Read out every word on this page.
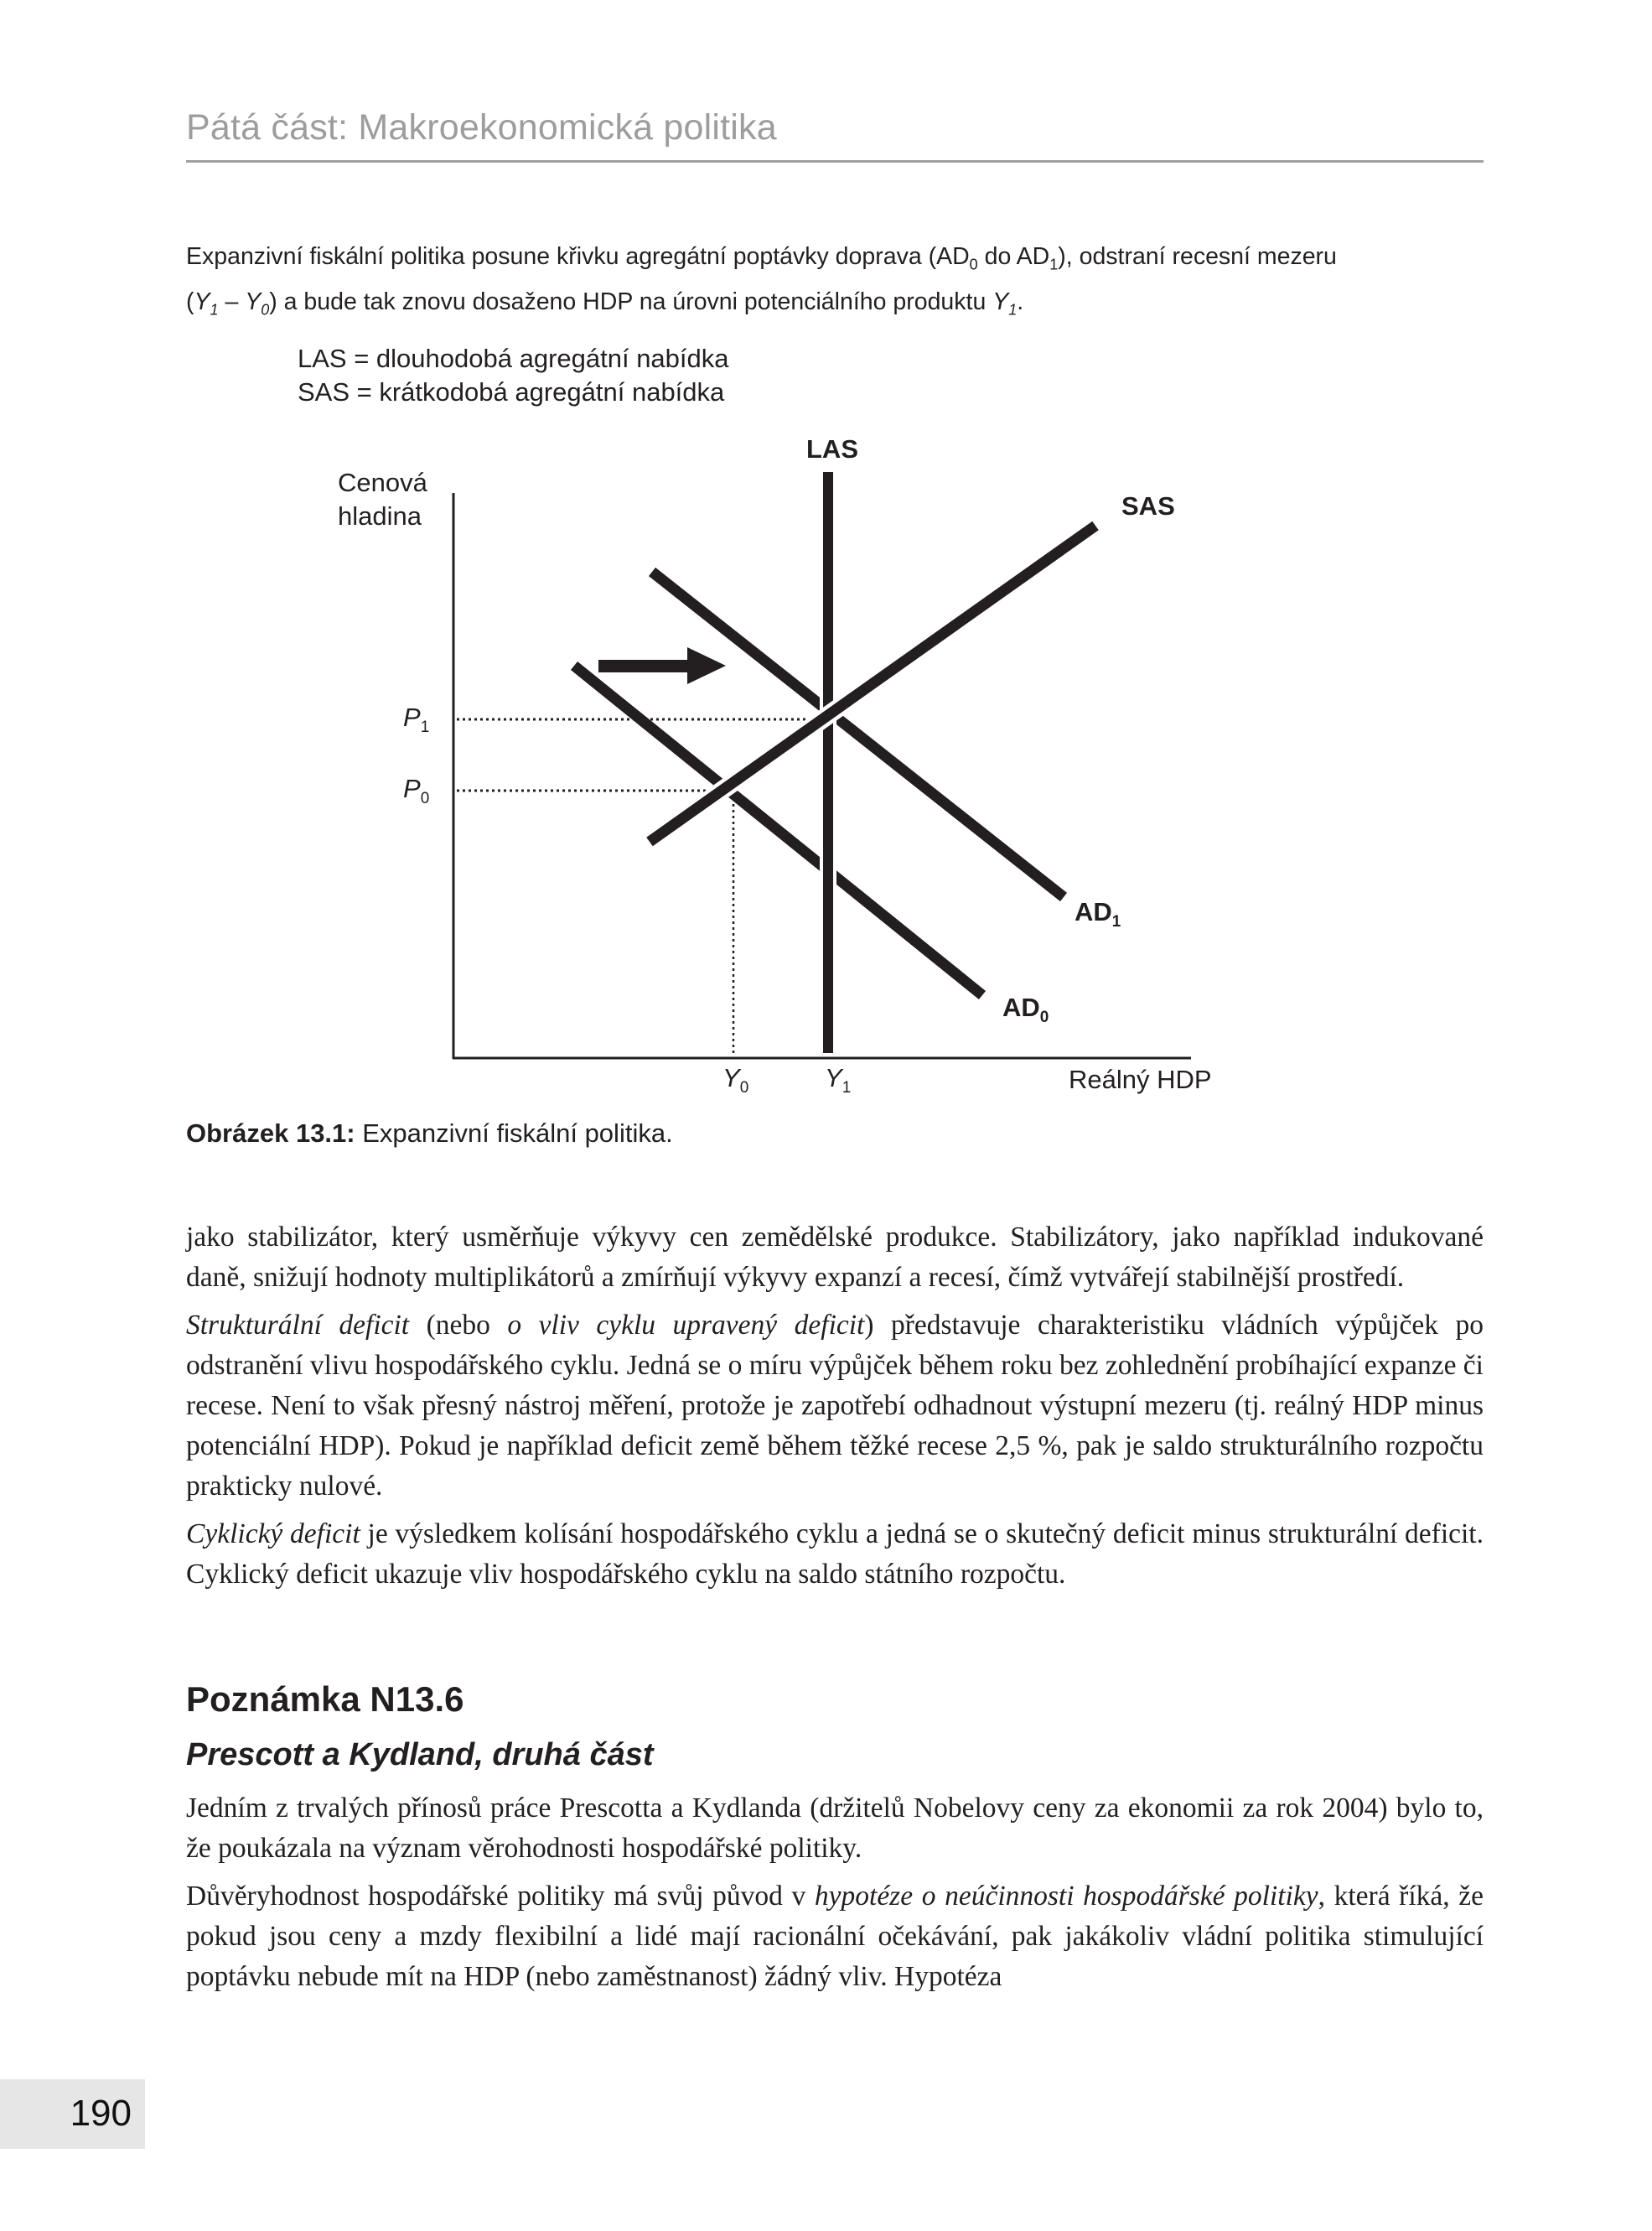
Pátá část: Makroekonomická politika
Expanzivní fiskální politika posune křivku agregátní poptávky doprava ($AD_0$ do $AD_1$), odstraní recesní mezeru
$(Y_1 - Y_0)$ a bude tak znovu dosaženo HDP na úrovni potenciálního produktu $Y_1$.
LAS = dlouhodobá agregátní nabídka
SAS = krátkodobá agregátní nabídka
LAS
SAS
$AD_1$
$AD_0$
Cenová
hladina
$P_1$
$P_0$
$Y_0$	$Y_1$	Reálný HDP
Obrázek 13.1: Expanzivní fiskální politika.

jako stabilizátor, který usměrňuje výkyvy cen zemědělské produkce. Stabilizátory, jako například indukované daně, snižují hodnoty multiplikátorů a zmírňují výkyvy expanzí a recesí, čímž vytvářejí stabilnější prostředí.

Strukturální deficit (nebo o vliv cyklu upravený deficit) představuje charakteristiku vládních výpůjček po odstranění vlivu hospodářského cyklu. Jedná se o míru výpůjček během roku bez zohlednění probíhající expanze či recese. Není to však přesný nástroj měření, protože je zapotřebí odhadnout výstupní mezeru (tj. reálný HDP minus potenciální HDP). Pokud je například deficit země během těžké recese 2,5 %, pak je saldo strukturálního rozpočtu prakticky nulové.

Cyklický deficit je výsledkem kolísání hospodářského cyklu a jedná se o skutečný deficit minus strukturální deficit. Cyklický deficit ukazuje vliv hospodářského cyklu na saldo státního rozpočtu.

Poznámka N13.6
Prescott a Kydland, druhá část

Jedním z trvalých přínosů práce Prescotta a Kydlanda (držitelů Nobelovy ceny za ekonomii za rok 2004) bylo to, že poukázala na význam věrohodnosti hospodářské politiky.

Důvěryhodnost hospodářské politiky má svůj původ v hypotéze o neúčinnosti hospodářské politiky, která říká, že pokud jsou ceny a mzdy flexibilní a lidé mají racionální očekávání, pak jakákoliv vládní politika stimulující poptávku nebude mít na HDP (nebo zaměstnanost) žádný vliv. Hypotéza

190
